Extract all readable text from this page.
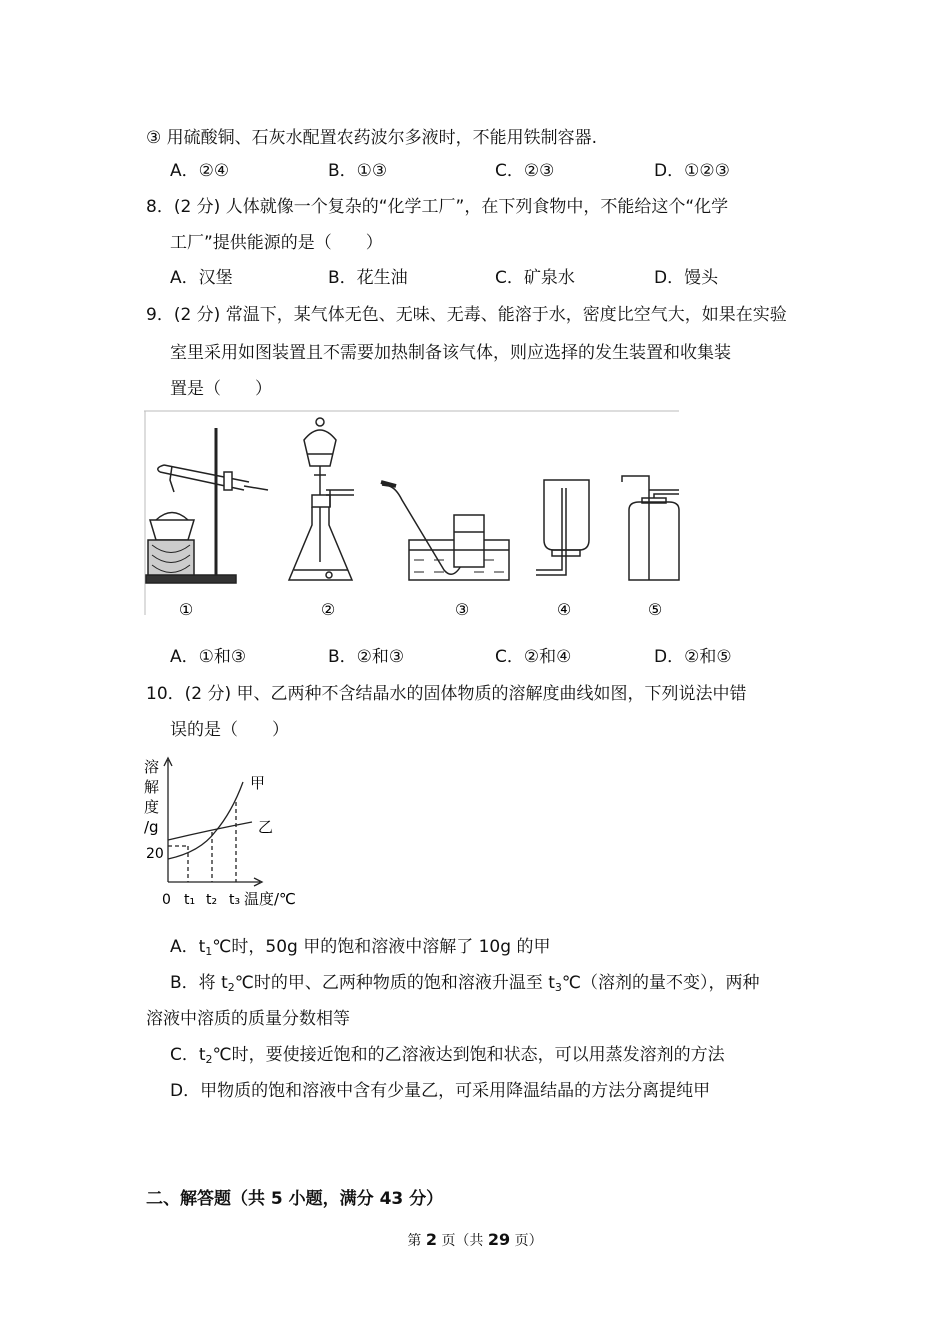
③ 用硫酸铜、石灰水配置农药波尔多液时，不能用铁制容器.
A．②④	B．①③	C．②③	D．①②③
8．(2 分) 人体就像一个复杂的“化学工厂”，在下列食物中，不能给这个“化学
工厂”提供能源的是（　　）
A．汉堡	B．花生油	C．矿泉水	D．馒头
9．(2 分) 常温下，某气体无色、无味、无毒、能溶于水，密度比空气大，如果在实验
室里采用如图装置且不需要加热制备该气体，则应选择的发生装置和收集装
置是（　　）
①	②	③	④	⑤
A．①和③	B．②和③	C．②和④	D．②和⑤
10．(2 分) 甲、乙两种不含结晶水的固体物质的溶解度曲线如图，下列说法中错
误的是（　　）
溶
解
度
/g
20
0 t₁ t₂ t₃ 温度/℃
甲
乙
A．$t_1℃$时，50g 甲的饱和溶液中溶解了 10g 的甲
B．将 $t_2℃$时的甲、乙两种物质的饱和溶液升温至 $t_3℃$（溶剂的量不变），两种
溶液中溶质的质量分数相等
C．$t_2℃$时，要使接近饱和的乙溶液达到饱和状态，可以用蒸发溶剂的方法
D．甲物质的饱和溶液中含有少量乙，可采用降温结晶的方法分离提纯甲
二、解答题（共 5 小题，满分 43 分）
第 2 页（共 29 页）
